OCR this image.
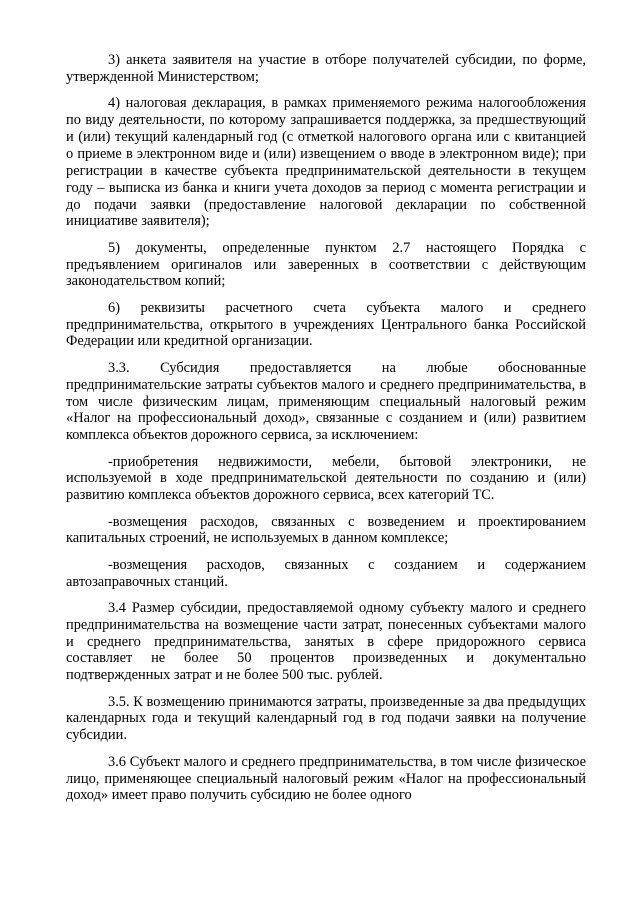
3) анкета заявителя на участие в отборе получателей субсидии, по форме, утвержденной Министерством;

4) налоговая декларация, в рамках применяемого режима налогообложения по виду деятельности, по которому запрашивается поддержка, за предшествующий и (или) текущий календарный год (с отметкой налогового органа или с квитанцией о приеме в электронном виде и (или) извещением о вводе в электронном виде); при регистрации в качестве субъекта предпринимательской деятельности в текущем году – выписка из банка и книги учета доходов за период с момента регистрации и до подачи заявки (предоставление налоговой декларации по собственной инициативе заявителя);

5) документы, определенные пунктом 2.7 настоящего Порядка с предъявлением оригиналов или заверенных в соответствии с действующим законодательством копий;

6) реквизиты расчетного счета субъекта малого и среднего предпринимательства, открытого в учреждениях Центрального банка Российской Федерации или кредитной организации.

3.3. Субсидия предоставляется на любые обоснованные предпринимательские затраты субъектов малого и среднего предпринимательства, в том числе физическим лицам, применяющим специальный налоговый режим «Налог на профессиональный доход», связанные с созданием и (или) развитием комплекса объектов дорожного сервиса, за исключением:

-приобретения недвижимости, мебели, бытовой электроники, не используемой в ходе предпринимательской деятельности по созданию и (или) развитию комплекса объектов дорожного сервиса, всех категорий ТС.

-возмещения расходов, связанных с возведением и проектированием капитальных строений, не используемых в данном комплексе;

-возмещения расходов, связанных с созданием и содержанием автозаправочных станций.

3.4 Размер субсидии, предоставляемой одному субъекту малого и среднего предпринимательства на возмещение части затрат, понесенных субъектами малого и среднего предпринимательства, занятых в сфере придорожного сервиса составляет не более 50 процентов произведенных и документально подтвержденных затрат и не более 500 тыс. рублей.

3.5. К возмещению принимаются затраты, произведенные за два предыдущих календарных года и текущий календарный год в год подачи заявки на получение субсидии.

3.6 Субъект малого и среднего предпринимательства, в том числе физическое лицо, применяющее специальный налоговый режим «Налог на профессиональный доход» имеет право получить субсидию не более одного
